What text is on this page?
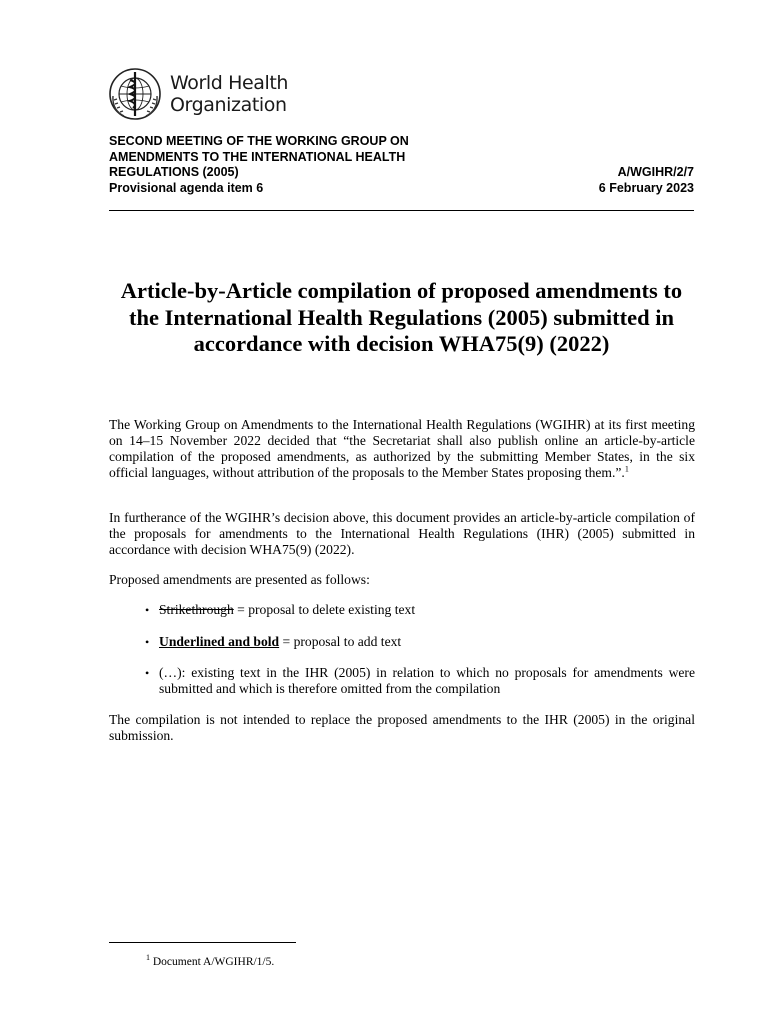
World Health
Organization
SECOND MEETING OF THE WORKING GROUP ON
AMENDMENTS TO THE INTERNATIONAL HEALTH
REGULATIONS (2005)
Provisional agenda item 6
A/WGIHR/2/7
6 February 2023
Article-by-Article compilation of proposed amendments to the International Health Regulations (2005) submitted in accordance with decision WHA75(9) (2022)
The Working Group on Amendments to the International Health Regulations (WGIHR) at its first meeting on 14–15 November 2022 decided that “the Secretariat shall also publish online an article-by-article compilation of the proposed amendments, as authorized by the submitting Member States, in the six official languages, without attribution of the proposals to the Member States proposing them.”.$^1$
In furtherance of the WGIHR’s decision above, this document provides an article-by-article compilation of the proposals for amendments to the International Health Regulations (IHR) (2005) submitted in accordance with decision WHA75(9) (2022).
Proposed amendments are presented as follows:
• Strikethrough = proposal to delete existing text
• Underlined and bold = proposal to add text
• (…): existing text in the IHR (2005) in relation to which no proposals for amendments were submitted and which is therefore omitted from the compilation
The compilation is not intended to replace the proposed amendments to the IHR (2005) in the original submission.
$^1$ Document A/WGIHR/1/5.
